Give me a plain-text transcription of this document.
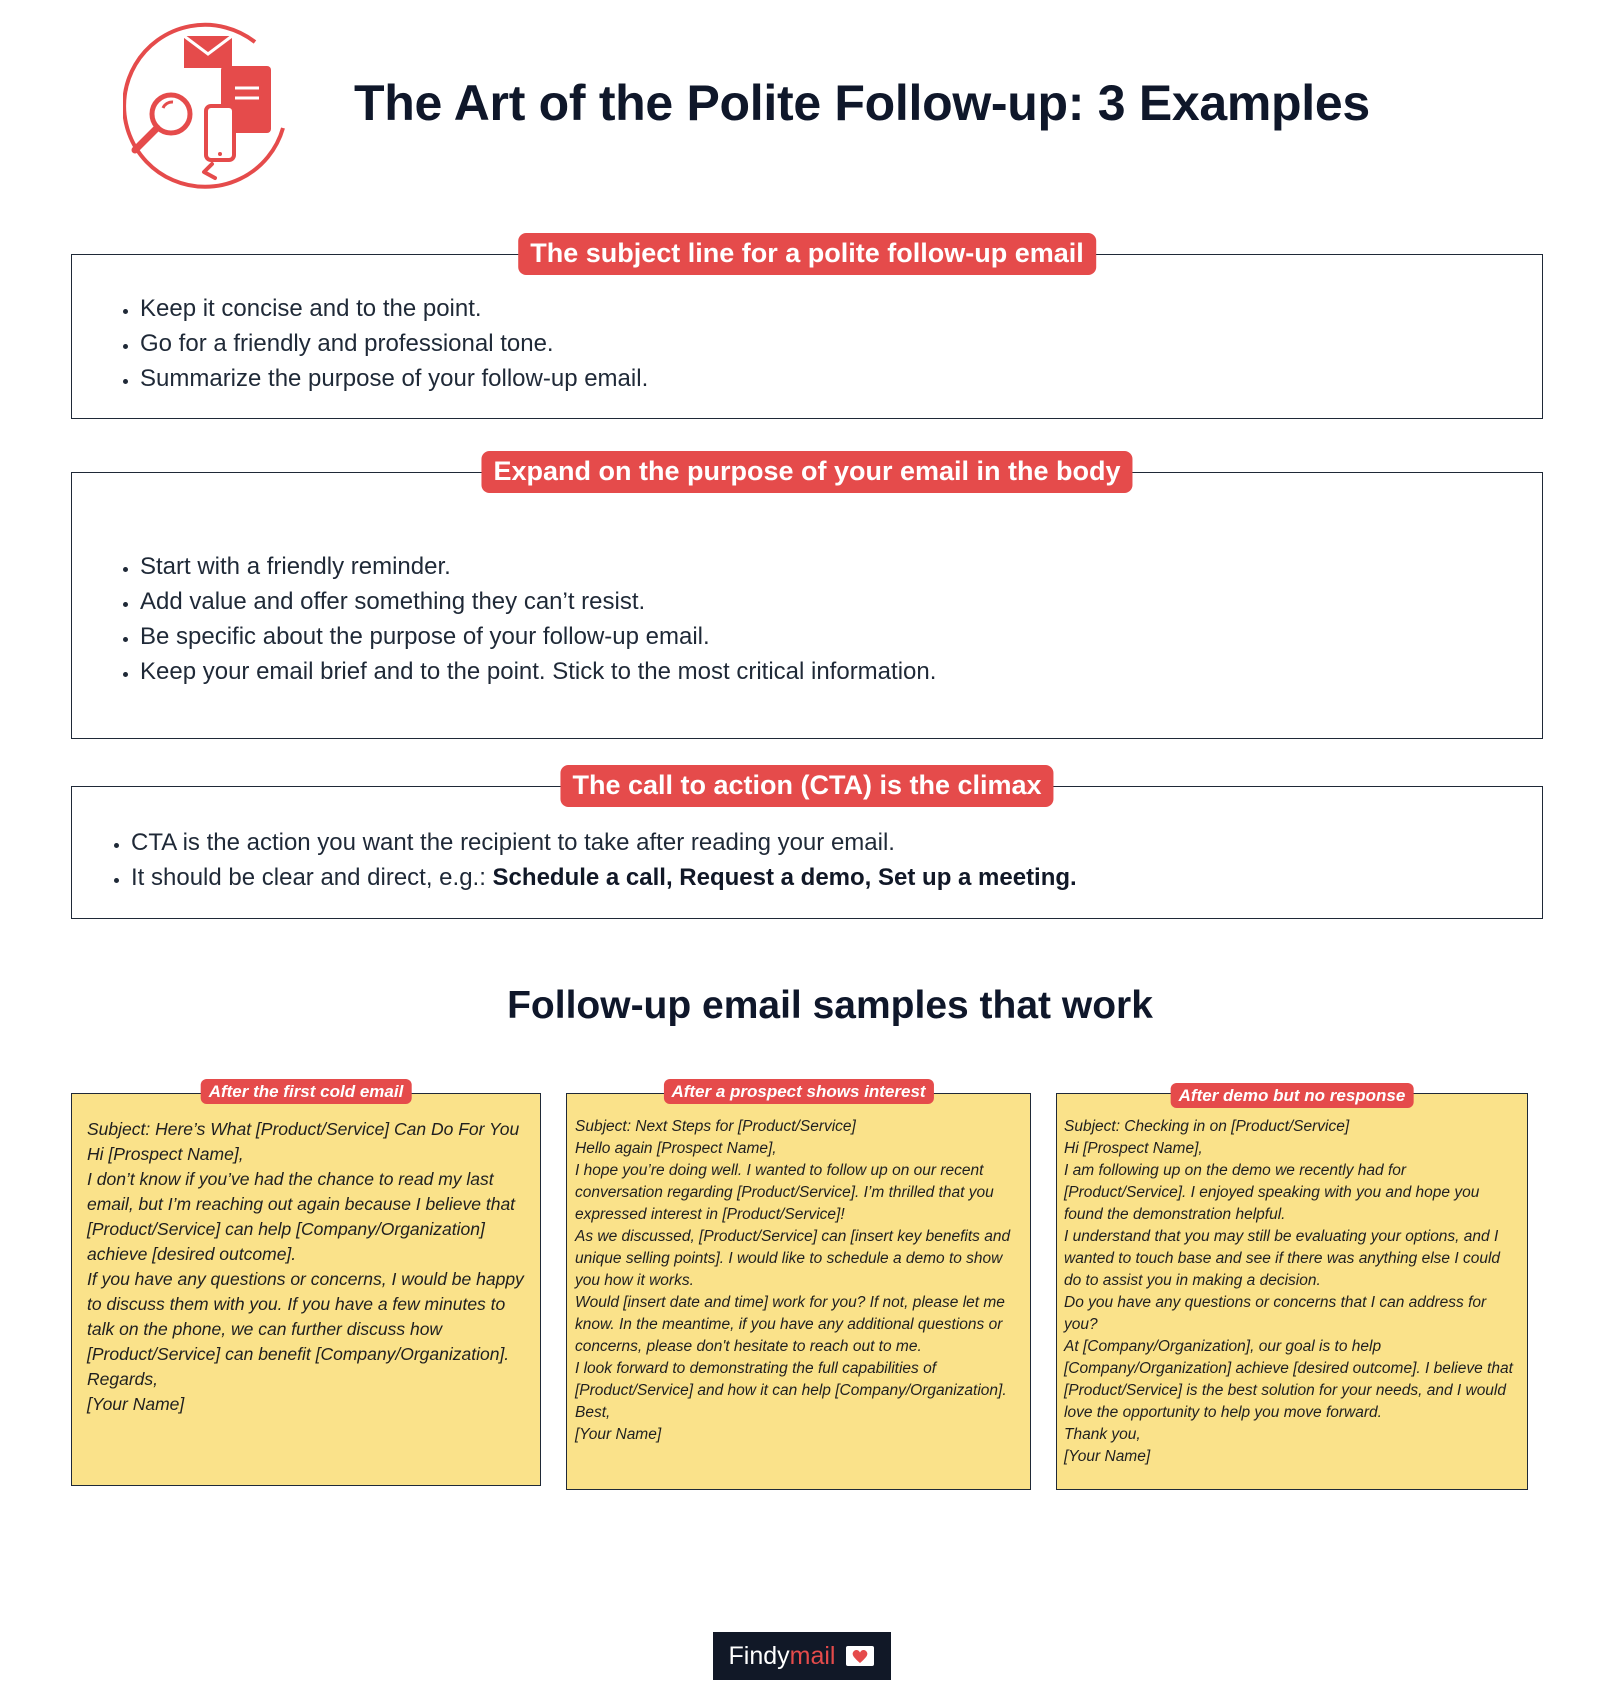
The Art of the Polite Follow-up: 3 Examples
The subject line for a polite follow-up email
• Keep it concise and to the point.
• Go for a friendly and professional tone.
• Summarize the purpose of your follow-up email.
Expand on the purpose of your email in the body
• Start with a friendly reminder.
• Add value and offer something they can’t resist.
• Be specific about the purpose of your follow-up email.
• Keep your email brief and to the point. Stick to the most critical information.
The call to action (CTA) is the climax
• CTA is the action you want the recipient to take after reading your email.
• It should be clear and direct, e.g.: Schedule a call, Request a demo, Set up a meeting.
Follow-up email samples that work
After the first cold email
Subject: Here’s What [Product/Service] Can Do For You
Hi [Prospect Name],
I don’t know if you’ve had the chance to read my last email, but I’m reaching out again because I believe that [Product/Service] can help [Company/Organization] achieve [desired outcome].
If you have any questions or concerns, I would be happy to discuss them with you. If you have a few minutes to talk on the phone, we can further discuss how [Product/Service] can benefit [Company/Organization].
Regards,
[Your Name]
After a prospect shows interest
Subject: Next Steps for [Product/Service]
Hello again [Prospect Name],
I hope you’re doing well. I wanted to follow up on our recent conversation regarding [Product/Service]. I’m thrilled that you expressed interest in [Product/Service]!
As we discussed, [Product/Service] can [insert key benefits and unique selling points]. I would like to schedule a demo to show you how it works.
Would [insert date and time] work for you? If not, please let me know. In the meantime, if you have any additional questions or concerns, please don't hesitate to reach out to me.
I look forward to demonstrating the full capabilities of [Product/Service] and how it can help [Company/Organization].
Best,
[Your Name]
After demo but no response
Subject: Checking in on [Product/Service]
Hi [Prospect Name],
I am following up on the demo we recently had for [Product/Service]. I enjoyed speaking with you and hope you found the demonstration helpful.
I understand that you may still be evaluating your options, and I wanted to touch base and see if there was anything else I could do to assist you in making a decision.
Do you have any questions or concerns that I can address for you?
At [Company/Organization], our goal is to help [Company/Organization] achieve [desired outcome]. I believe that [Product/Service] is the best solution for your needs, and I would love the opportunity to help you move forward.
Thank you,
[Your Name]
Findymail
